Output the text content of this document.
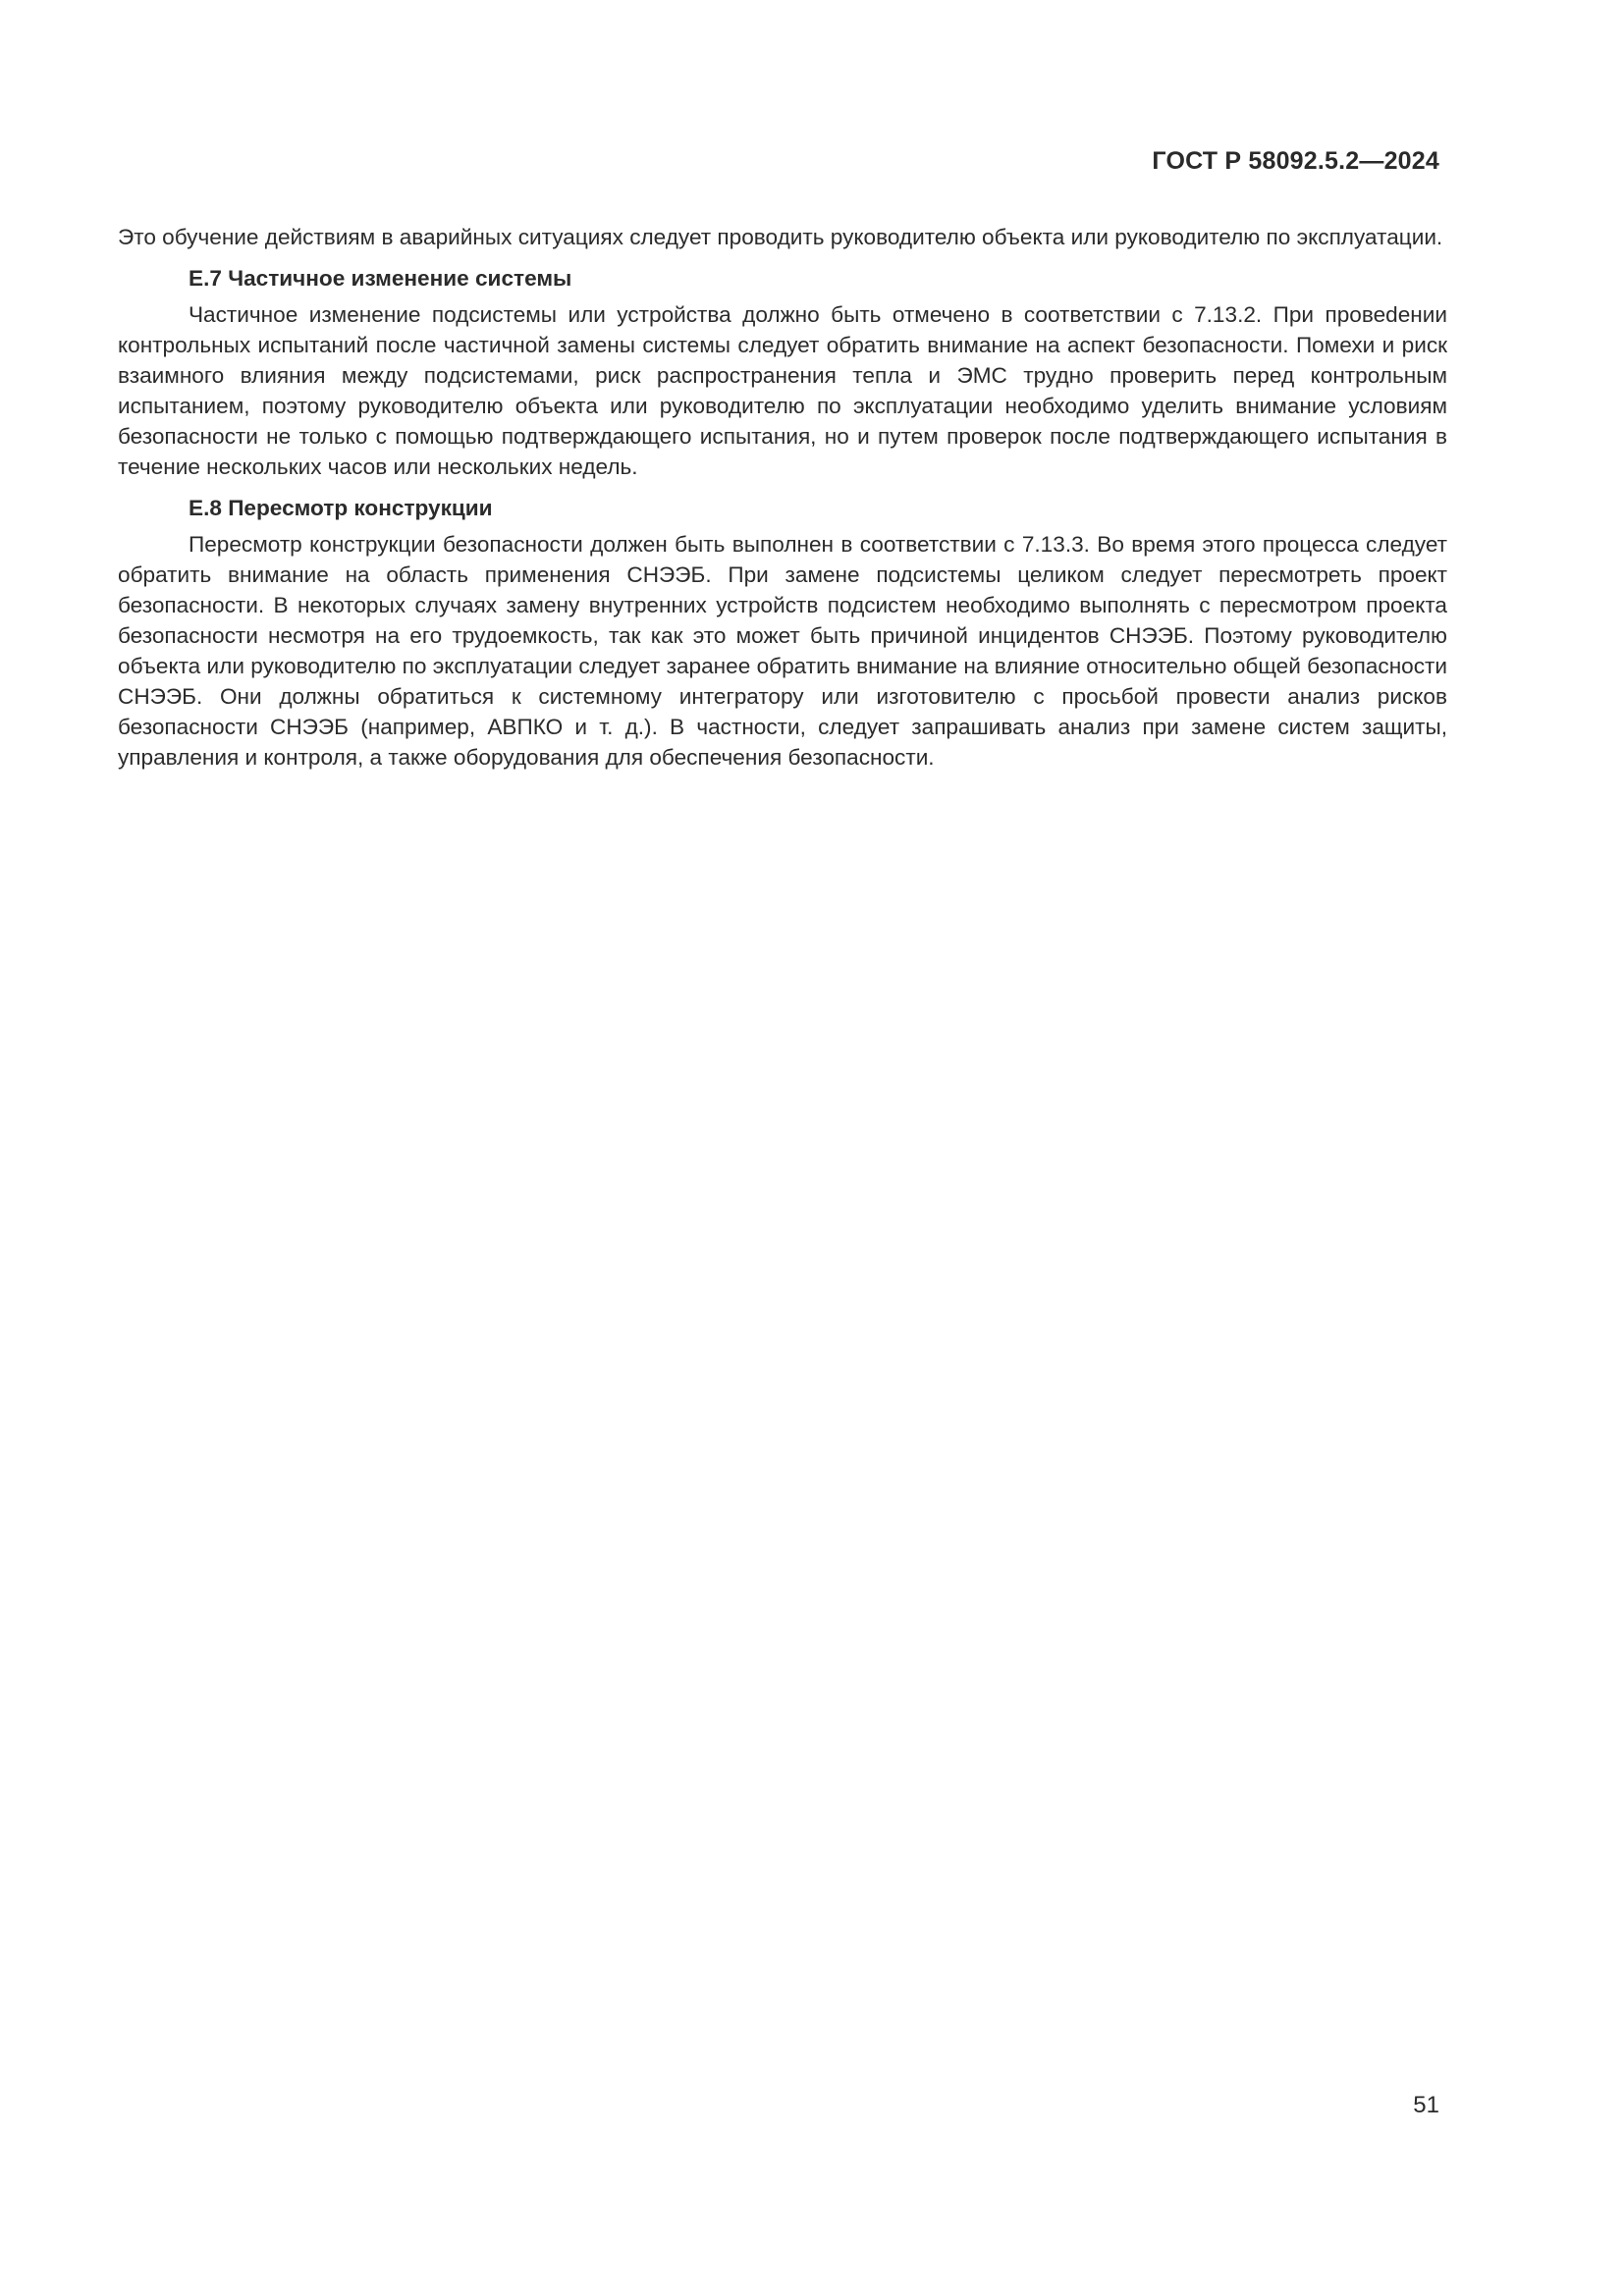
ГОСТ Р 58092.5.2—2024

Это обучение действиям в аварийных ситуациях следует проводить руководителю объекта или руководителю по эксплуатации.

Е.7 Частичное изменение системы

Частичное изменение подсистемы или устройства должно быть отмечено в соответствии с 7.13.2. При провеdении контрольных испытаний после частичной замены системы следует обратить внимание на аспект безопасности. Помехи и риск взаимного влияния между подсистемами, риск распространения тепла и ЭМС трудно проверить перед контрольным испытанием, поэтому руководителю объекта или руководителю по эксплуатации необходимо уделить внимание условиям безопасности не только с помощью подтверждающего испытания, но и путем проверок после подтверждающего испытания в течение нескольких часов или нескольких недель.

Е.8 Пересмотр конструкции

Пересмотр конструкции безопасности должен быть выполнен в соответствии с 7.13.3. Во время этого процесса следует обратить внимание на область применения СНЭЭБ. При замене подсистемы целиком следует пересмотреть проект безопасности. В некоторых случаях замену внутренних устройств подсистем необходимо выполнять с пересмотром проекта безопасности несмотря на его трудоемкость, так как это может быть причиной инцидентов СНЭЭБ. Поэтому руководителю объекта или руководителю по эксплуатации следует заранее обратить внимание на влияние относительно общей безопасности СНЭЭБ. Они должны обратиться к системному интегратору или изготовителю с просьбой провести анализ рисков безопасности СНЭЭБ (например, АВПКО и т. д.). В частности, следует запрашивать анализ при замене систем защиты, управления и контроля, а также оборудования для обеспечения безопасности.

51
